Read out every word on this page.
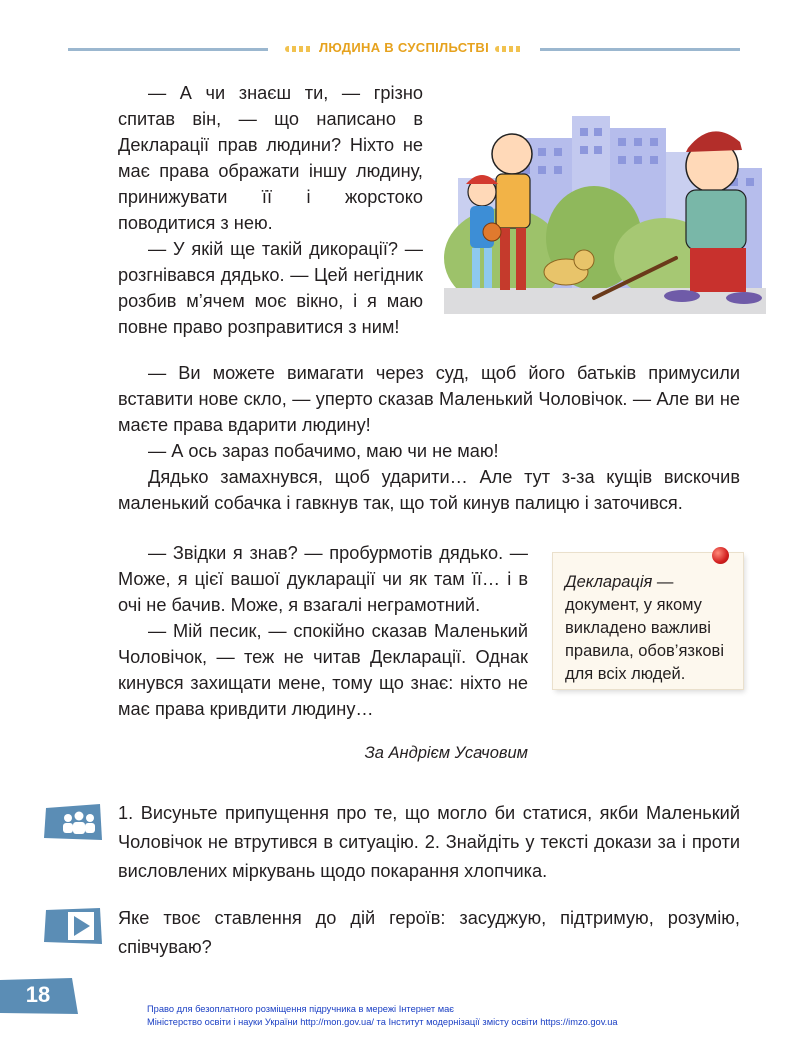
ЛЮДИНА В СУСПІЛЬСТВІ

— А чи знаєш ти, — грізно спитав він, — що написано в Декларації прав людини? Ніхто не має права ображати іншу людину, принижувати її і жорстоко поводитися з нею.

— У якій ще такій дикорації? — розгнівався дядько. — Цей негідник розбив м’ячем моє вікно, і я маю повне право розправитися з ним!

— Ви можете вимагати через суд, щоб його батьків примусили вставити нове скло, — уперто сказав Маленький Чоловічок. — Але ви не маєте права вдарити людину!

— А ось зараз побачимо, маю чи не маю!

Дядько замахнувся, щоб ударити… Але тут з-за кущів вискочив маленький собачка і гавкнув так, що той кинув палицю і заточився.

— Звідки я знав? — пробурмотів дядько. — Може, я цієї вашої дукларації чи як там її… і в очі не бачив. Може, я взагалі неграмотний.

— Мій песик, — спокійно сказав Маленький Чоловічок, — теж не читав Декларації. Однак кинувся захищати мене, тому що знає: ніхто не має права кривдити людину…

За Андрієм Усачовим
Декларація — документ, у якому викладено важливі правила, обов’язкові для всіх людей.
1. Висуньте припущення про те, що могло би статися, якби Маленький Чоловічок не втрутився в ситуацію. 2. Знайдіть у тексті докази за і проти висловлених міркувань щодо покарання хлопчика.
Яке твоє ставлення до дій героїв: засуджую, підтримую, розумію, співчуваю?
18
Право для безоплатного розміщення підручника в мережі Інтернет має
Міністерство освіти і науки України http://mon.gov.ua/ та Інститут модернізації змісту освіти https://imzo.gov.ua
